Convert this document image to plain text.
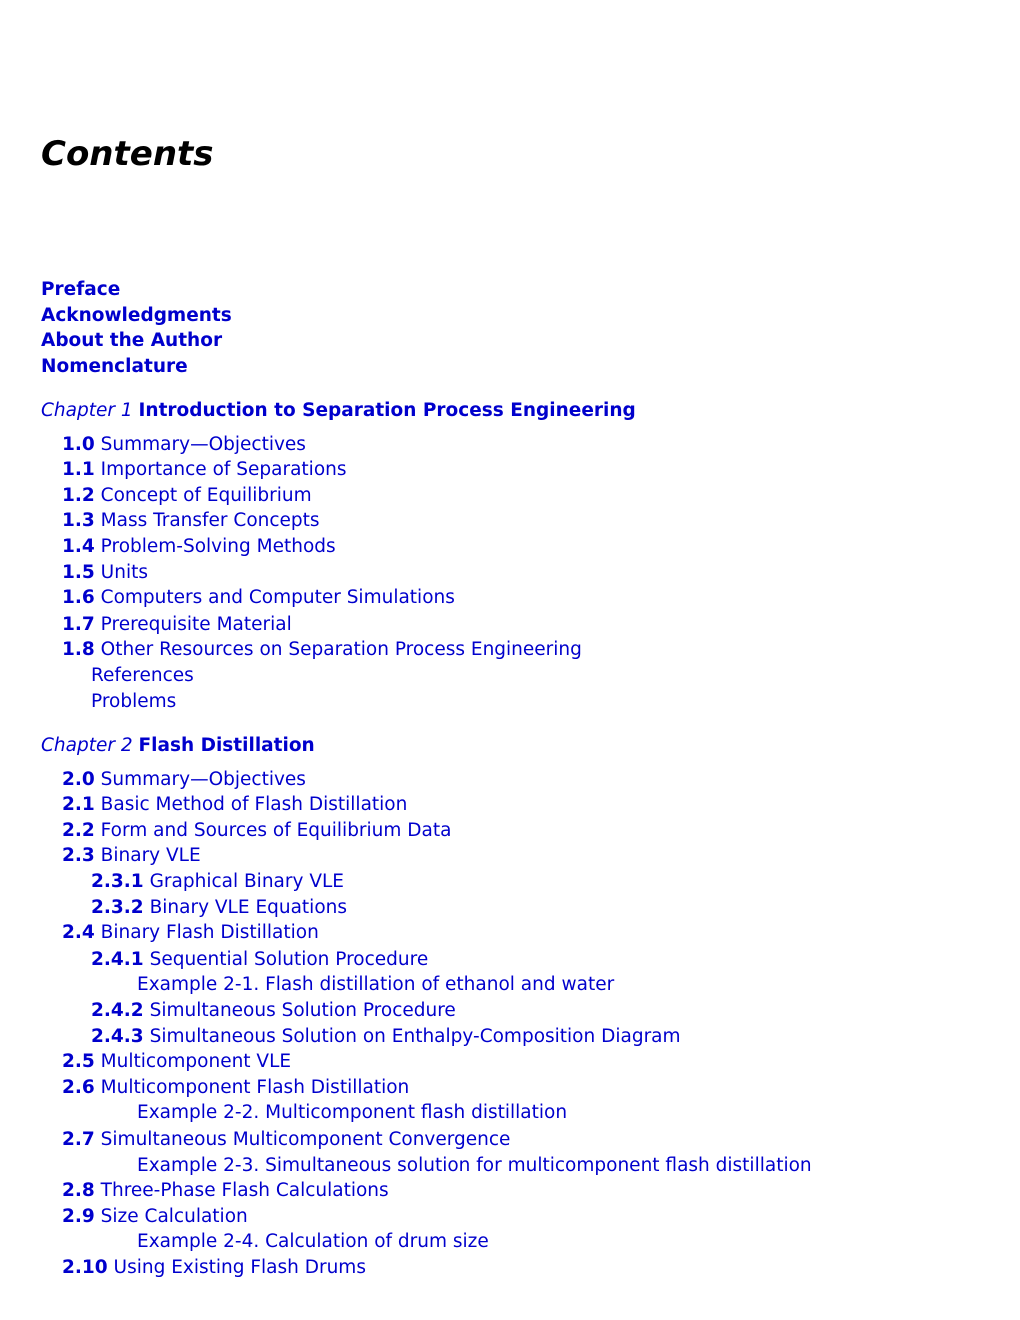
Contents
Preface
Acknowledgments
About the Author
Nomenclature
Chapter 1 Introduction to Separation Process Engineering
1.0 Summary—Objectives
1.1 Importance of Separations
1.2 Concept of Equilibrium
1.3 Mass Transfer Concepts
1.4 Problem-Solving Methods
1.5 Units
1.6 Computers and Computer Simulations
1.7 Prerequisite Material
1.8 Other Resources on Separation Process Engineering
References
Problems
Chapter 2 Flash Distillation
2.0 Summary—Objectives
2.1 Basic Method of Flash Distillation
2.2 Form and Sources of Equilibrium Data
2.3 Binary VLE
2.3.1 Graphical Binary VLE
2.3.2 Binary VLE Equations
2.4 Binary Flash Distillation
2.4.1 Sequential Solution Procedure
Example 2-1. Flash distillation of ethanol and water
2.4.2 Simultaneous Solution Procedure
2.4.3 Simultaneous Solution on Enthalpy-Composition Diagram
2.5 Multicomponent VLE
2.6 Multicomponent Flash Distillation
Example 2-2. Multicomponent flash distillation
2.7 Simultaneous Multicomponent Convergence
Example 2-3. Simultaneous solution for multicomponent flash distillation
2.8 Three-Phase Flash Calculations
2.9 Size Calculation
Example 2-4. Calculation of drum size
2.10 Using Existing Flash Drums
